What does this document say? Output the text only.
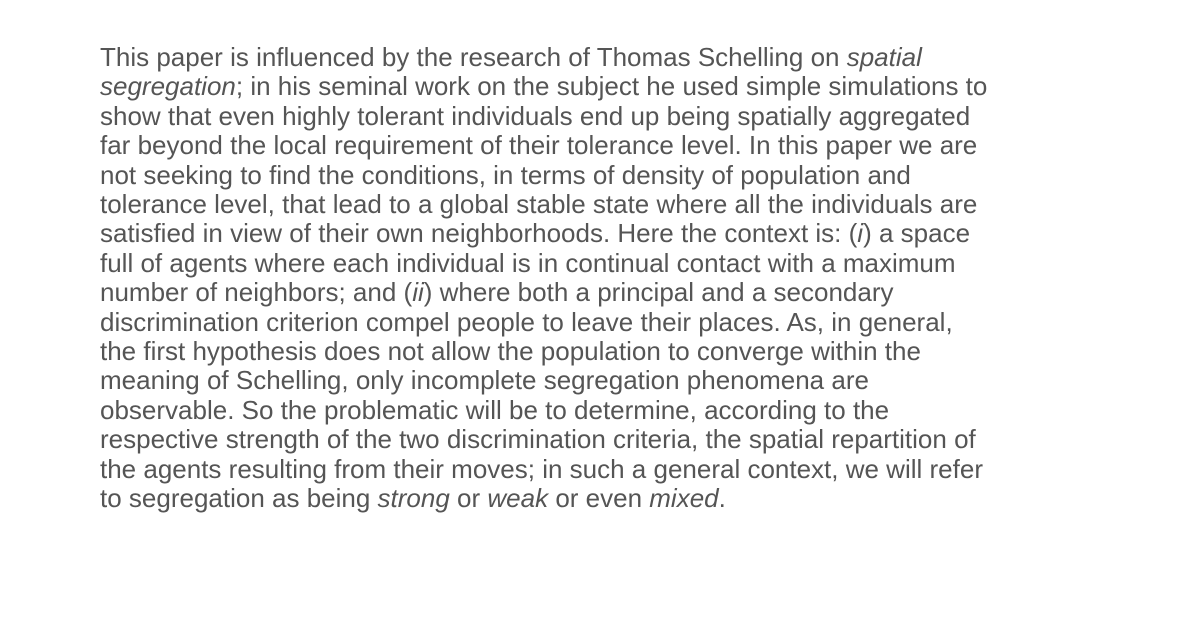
This paper is influenced by the research of Thomas Schelling on spatial
segregation; in his seminal work on the subject he used simple simulations to
show that even highly tolerant individuals end up being spatially aggregated
far beyond the local requirement of their tolerance level. In this paper we are
not seeking to find the conditions, in terms of density of population and
tolerance level, that lead to a global stable state where all the individuals are
satisfied in view of their own neighborhoods. Here the context is: (i) a space
full of agents where each individual is in continual contact with a maximum
number of neighbors; and (ii) where both a principal and a secondary
discrimination criterion compel people to leave their places. As, in general,
the first hypothesis does not allow the population to converge within the
meaning of Schelling, only incomplete segregation phenomena are
observable. So the problematic will be to determine, according to the
respective strength of the two discrimination criteria, the spatial repartition of
the agents resulting from their moves; in such a general context, we will refer
to segregation as being strong or weak or even mixed.
